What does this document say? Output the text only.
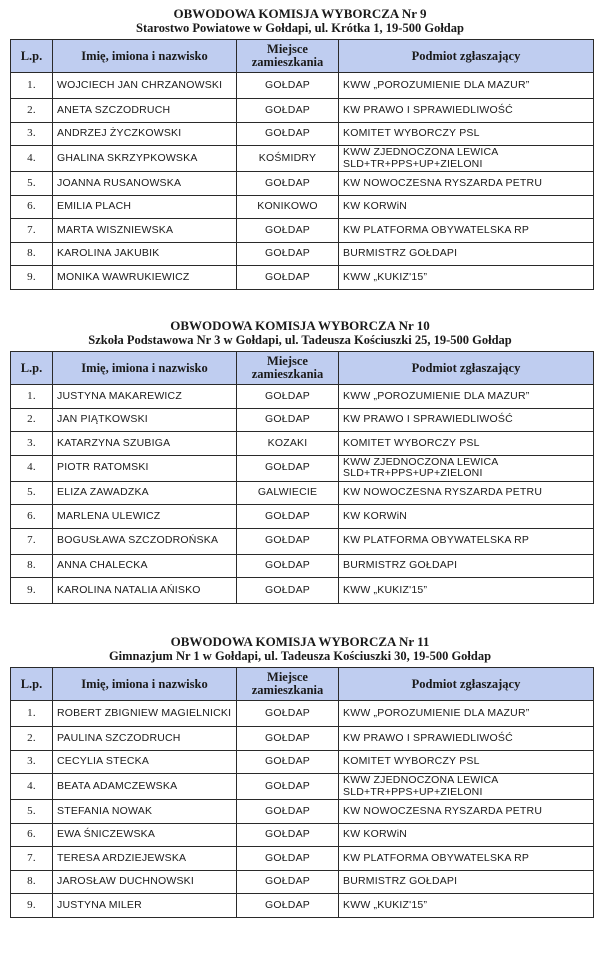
OBWODOWA KOMISJA WYBORCZA Nr 9
Starostwo Powiatowe w Gołdapi, ul. Krótka 1, 19-500 Gołdap
L.p.	Imię, imiona i nazwisko	Miejsce zamieszkania	Podmiot zgłaszający
1.	WOJCIECH JAN CHRZANOWSKI	GOŁDAP	KWW „POROZUMIENIE DLA MAZUR”
2.	ANETA SZCZODRUCH	GOŁDAP	KW PRAWO I SPRAWIEDLIWOŚĆ
3.	ANDRZEJ ŻYCZKOWSKI	GOŁDAP	KOMITET WYBORCZY PSL
4.	GHALINA SKRZYPKOWSKA	KOŚMIDRY	KWW ZJEDNOCZONA LEWICA SLD+TR+PPS+UP+ZIELONI
5.	JOANNA RUSANOWSKA	GOŁDAP	KW NOWOCZESNA RYSZARDA PETRU
6.	EMILIA PLACH	KONIKOWO	KW KORWiN
7.	MARTA WISZNIEWSKA	GOŁDAP	KW PLATFORMA OBYWATELSKA RP
8.	KAROLINA JAKUBIK	GOŁDAP	BURMISTRZ GOŁDAPI
9.	MONIKA WAWRUKIEWICZ	GOŁDAP	KWW „KUKIZ'15”
OBWODOWA KOMISJA WYBORCZA Nr 10
Szkoła Podstawowa Nr 3 w Gołdapi, ul. Tadeusza Kościuszki 25, 19-500 Gołdap
L.p.	Imię, imiona i nazwisko	Miejsce zamieszkania	Podmiot zgłaszający
1.	JUSTYNA MAKAREWICZ	GOŁDAP	KWW „POROZUMIENIE DLA MAZUR”
2.	JAN PIĄTKOWSKI	GOŁDAP	KW PRAWO I SPRAWIEDLIWOŚĆ
3.	KATARZYNA SZUBIGA	KOZAKI	KOMITET WYBORCZY PSL
4.	PIOTR RATOMSKI	GOŁDAP	KWW ZJEDNOCZONA LEWICA SLD+TR+PPS+UP+ZIELONI
5.	ELIZA ZAWADZKA	GALWIECIE	KW NOWOCZESNA RYSZARDA PETRU
6.	MARLENA ULEWICZ	GOŁDAP	KW KORWiN
7.	BOGUSŁAWA SZCZODROŃSKA	GOŁDAP	KW PLATFORMA OBYWATELSKA RP
8.	ANNA CHALECKA	GOŁDAP	BURMISTRZ GOŁDAPI
9.	KAROLINA NATALIA AŃISKO	GOŁDAP	KWW „KUKIZ'15”
OBWODOWA KOMISJA WYBORCZA Nr 11
Gimnazjum Nr 1 w Gołdapi, ul. Tadeusza Kościuszki 30, 19-500 Gołdap
L.p.	Imię, imiona i nazwisko	Miejsce zamieszkania	Podmiot zgłaszający
1.	ROBERT ZBIGNIEW MAGIELNICKI	GOŁDAP	KWW „POROZUMIENIE DLA MAZUR”
2.	PAULINA SZCZODRUCH	GOŁDAP	KW PRAWO I SPRAWIEDLIWOŚĆ
3.	CECYLIA STECKA	GOŁDAP	KOMITET WYBORCZY PSL
4.	BEATA ADAMCZEWSKA	GOŁDAP	KWW ZJEDNOCZONA LEWICA SLD+TR+PPS+UP+ZIELONI
5.	STEFANIA NOWAK	GOŁDAP	KW NOWOCZESNA RYSZARDA PETRU
6.	EWA ŚNICZEWSKA	GOŁDAP	KW KORWiN
7.	TERESA ARDZIEJEWSKA	GOŁDAP	KW PLATFORMA OBYWATELSKA RP
8.	JAROSŁAW DUCHNOWSKI	GOŁDAP	BURMISTRZ GOŁDAPI
9.	JUSTYNA MILER	GOŁDAP	KWW „KUKIZ'15”
